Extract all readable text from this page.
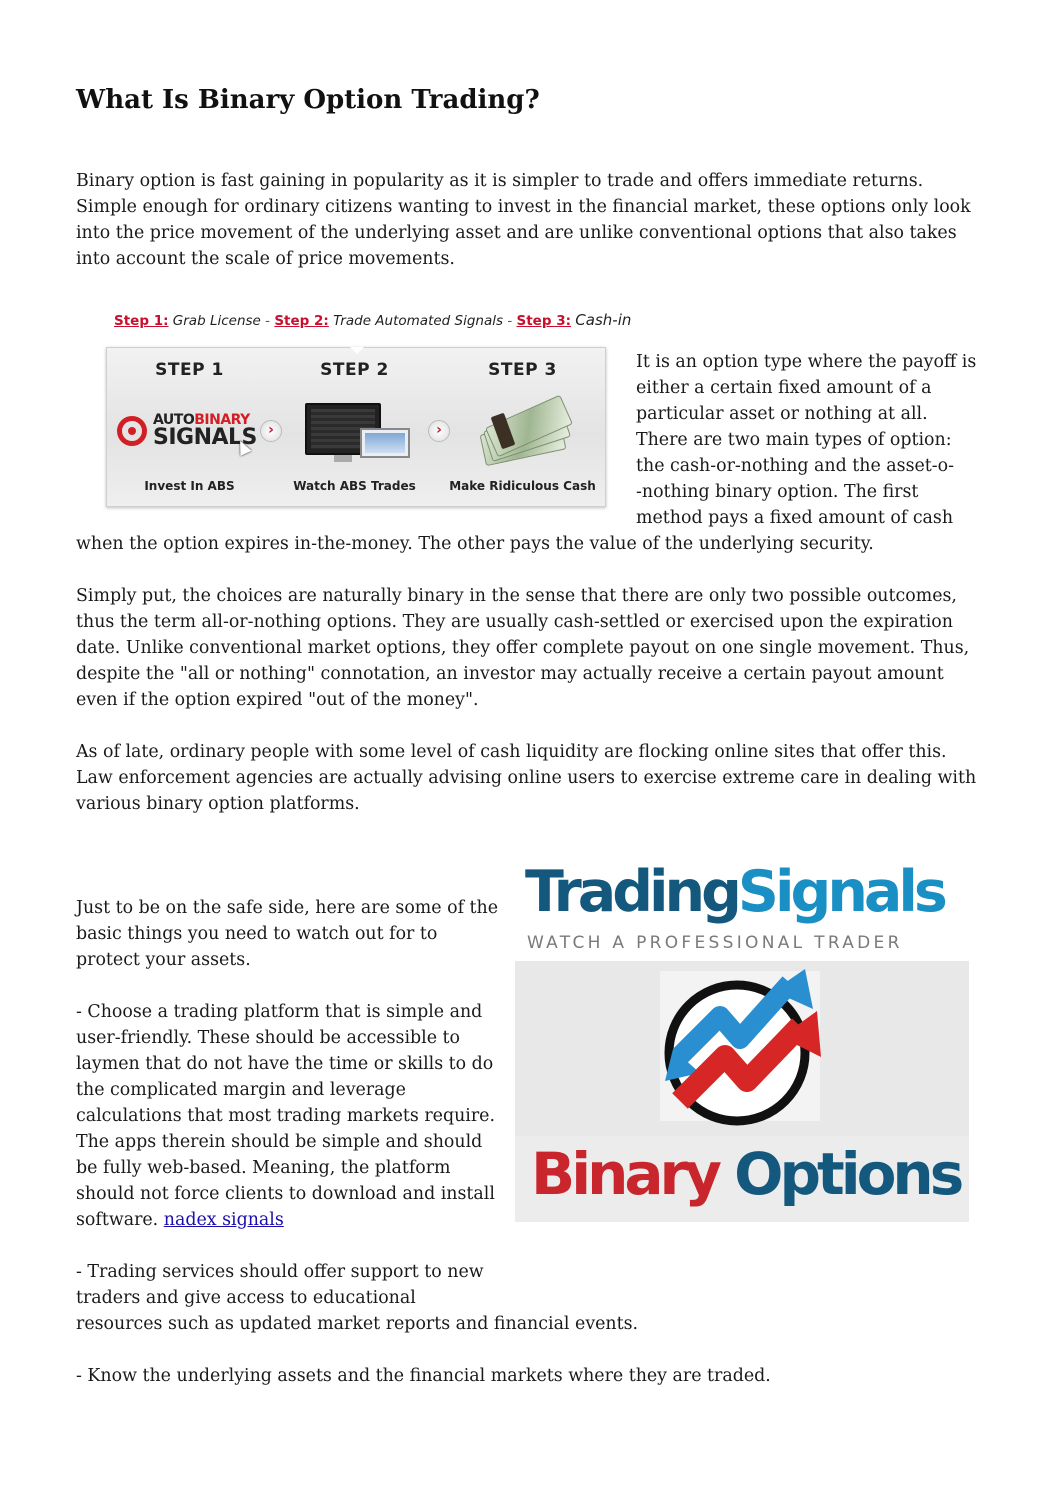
What Is Binary Option Trading?

Binary option is fast gaining in popularity as it is simpler to trade and offers immediate returns. Simple enough for ordinary citizens wanting to invest in the financial market, these options only look into the price movement of the underlying asset and are unlike conventional options that also takes into account the scale of price movements.

Step 1: Grab License - Step 2: Trade Automated Signals - Step 3: Cash-in
STEP 1
AUTOBINARY
SIGNALS
Invest In ABS
›
STEP 2
Watch ABS Trades
›
STEP 3
Make Ridiculous Cash
It is an option type where the payoff is
either a certain fixed amount of a
particular asset or nothing at all.
There are two main types of option:
the cash-or-nothing and the asset-o-
-nothing binary option. The first
method pays a fixed amount of cash

when the option expires in-the-money. The other pays the value of the underlying security.

Simply put, the choices are naturally binary in the sense that there are only two possible outcomes, thus the term all-or-nothing options. They are usually cash-settled or exercised upon the expiration date. Unlike conventional market options, they offer complete payout on one single movement. Thus, despite the "all or nothing" connotation, an investor may actually receive a certain payout amount even if the option expired "out of the money".

As of late, ordinary people with some level of cash liquidity are flocking online sites that offer this. Law enforcement agencies are actually advising online users to exercise extreme care in dealing with various binary option platforms.

TradingSignals
WATCH A PROFESSIONAL TRADER
Binary Options

Just to be on the safe side, here are some of the basic things you need to watch out for to protect your assets.

- Choose a trading platform that is simple and user-friendly. These should be accessible to laymen that do not have the time or skills to do the complicated margin and leverage calculations that most trading markets require. The apps therein should be simple and should be fully web-based. Meaning, the platform should not force clients to download and install software. nadex signals

- Trading services should offer support to new
traders and give access to educational
resources such as updated market reports and financial events.

- Know the underlying assets and the financial markets where they are traded.
